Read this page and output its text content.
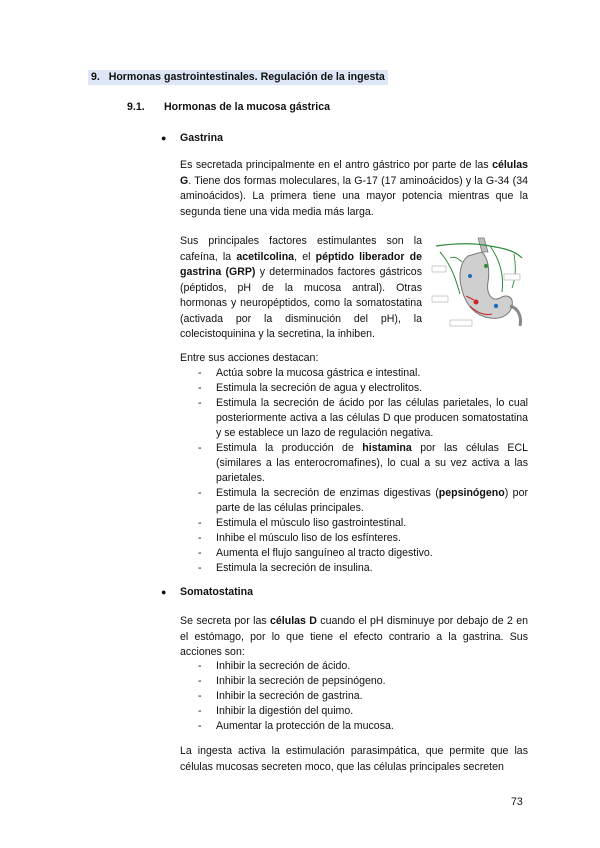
9. Hormonas gastrointestinales. Regulación de la ingesta
9.1. Hormonas de la mucosa gástrica
● Gastrina
Es secretada principalmente en el antro gástrico por parte de las células G. Tiene dos formas moleculares, la G-17 (17 aminoácidos) y la G-34 (34 aminoácidos). La primera tiene una mayor potencia mientras que la segunda tiene una vida media más larga.
Sus principales factores estimulantes son la cafeína, la acetilcolina, el péptido liberador de gastrina (GRP) y determinados factores gástricos (péptidos, pH de la mucosa antral). Otras hormonas y neuropéptidos, como la somatostatina (activada por la disminución del pH), la colecistoquinina y la secretina, la inhiben.
Entre sus acciones destacan:
- Actúa sobre la mucosa gástrica e intestinal.
- Estimula la secreción de agua y electrolitos.
- Estimula la secreción de ácido por las células parietales, lo cual posteriormente activa a las células D que producen somatostatina y se establece un lazo de regulación negativa.
- Estimula la producción de histamina por las células ECL (similares a las enterocromafines), lo cual a su vez activa a las parietales.
- Estimula la secreción de enzimas digestivas (pepsinógeno) por parte de las células principales.
- Estimula el músculo liso gastrointestinal.
- Inhibe el músculo liso de los esfínteres.
- Aumenta el flujo sanguíneo al tracto digestivo.
- Estimula la secreción de insulina.
● Somatostatina
Se secreta por las células D cuando el pH disminuye por debajo de 2 en el estómago, por lo que tiene el efecto contrario a la gastrina. Sus acciones son:
- Inhibir la secreción de ácido.
- Inhibir la secreción de pepsinógeno.
- Inhibir la secreción de gastrina.
- Inhibir la digestión del quimo.
- Aumentar la protección de la mucosa.
La ingesta activa la estimulación parasimpática, que permite que las células mucosas secreten moco, que las células principales secreten
73
